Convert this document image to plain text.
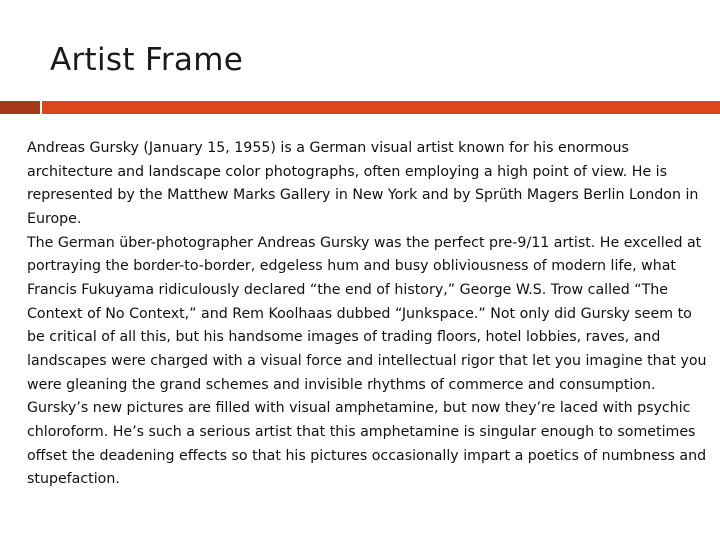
Artist Frame

Andreas Gursky (January 15, 1955) is a German visual artist known for his enormous architecture and landscape color photographs, often employing a high point of view. He is represented by the Matthew Marks Gallery in New York and by Sprüth Magers Berlin London in Europe.

The German über-photographer Andreas Gursky was the perfect pre-9/11 artist. He excelled at portraying the border-to-border, edgeless hum and busy obliviousness of modern life, what Francis Fukuyama ridiculously declared “the end of history,” George W.S. Trow called “The Context of No Context,” and Rem Koolhaas dubbed “Junkspace.” Not only did Gursky seem to be critical of all this, but his handsome images of trading floors, hotel lobbies, raves, and landscapes were charged with a visual force and intellectual rigor that let you imagine that you were gleaning the grand schemes and invisible rhythms of commerce and consumption. Gursky’s new pictures are filled with visual amphetamine, but now they’re laced with psychic chloroform. He’s such a serious artist that this amphetamine is singular enough to sometimes offset the deadening effects so that his pictures occasionally impart a poetics of numbness and stupefaction.
